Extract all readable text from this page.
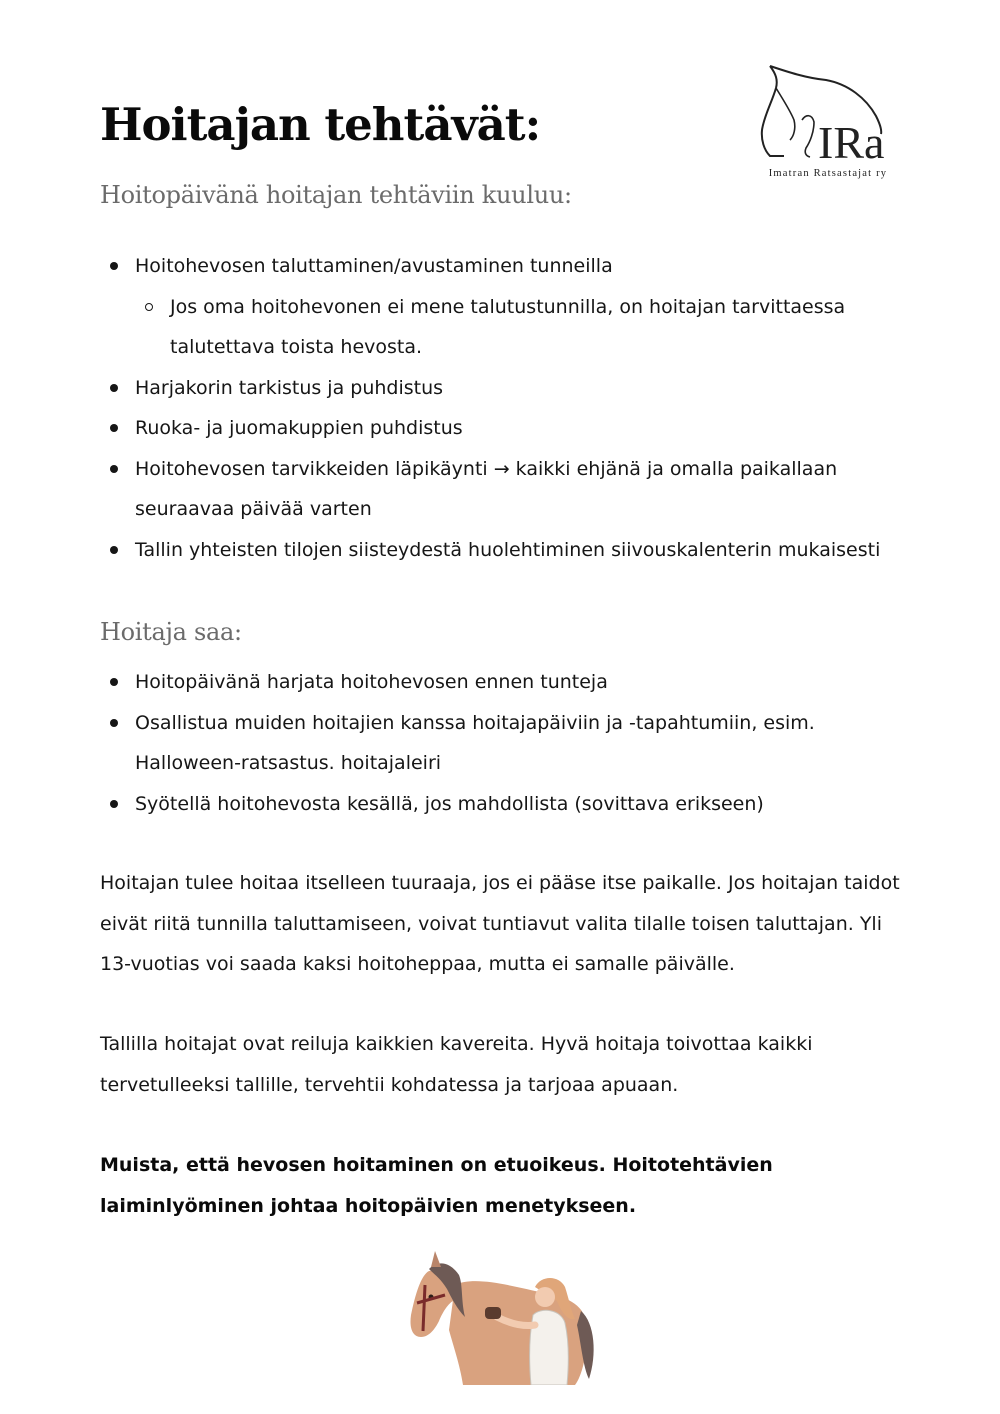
Hoitajan tehtävät:	IRa
Imatran Ratsastajat ry
Hoitopäivänä hoitajan tehtäviin kuuluu:
Hoitohevosen taluttaminen/avustaminen tunneilla
Jos oma hoitohevonen ei mene talutustunnilla, on hoitajan tarvittaessa talutettava toista hevosta.
Harjakorin tarkistus ja puhdistus
Ruoka- ja juomakuppien puhdistus
Hoitohevosen tarvikkeiden läpikäynti → kaikki ehjänä ja omalla paikallaan seuraavaa päivää varten
Tallin yhteisten tilojen siisteydestä huolehtiminen siivouskalenterin mukaisesti
Hoitaja saa:
Hoitopäivänä harjata hoitohevosen ennen tunteja
Osallistua muiden hoitajien kanssa hoitajapäiviin ja -tapahtumiin, esim. Halloween-ratsastus. hoitajaleiri
Syötellä hoitohevosta kesällä, jos mahdollista (sovittava erikseen)

Hoitajan tulee hoitaa itselleen tuuraaja, jos ei pääse itse paikalle. Jos hoitajan taidot eivät riitä tunnilla taluttamiseen, voivat tuntiavut valita tilalle toisen taluttajan. Yli 13-vuotias voi saada kaksi hoitoheppaa, mutta ei samalle päivälle.

Tallilla hoitajat ovat reiluja kaikkien kavereita. Hyvä hoitaja toivottaa kaikki tervetulleeksi tallille, tervehtii kohdatessa ja tarjoaa apuaan.

Muista, että hevosen hoitaminen on etuoikeus. Hoitotehtävien laiminlyöminen johtaa hoitopäivien menetykseen.
